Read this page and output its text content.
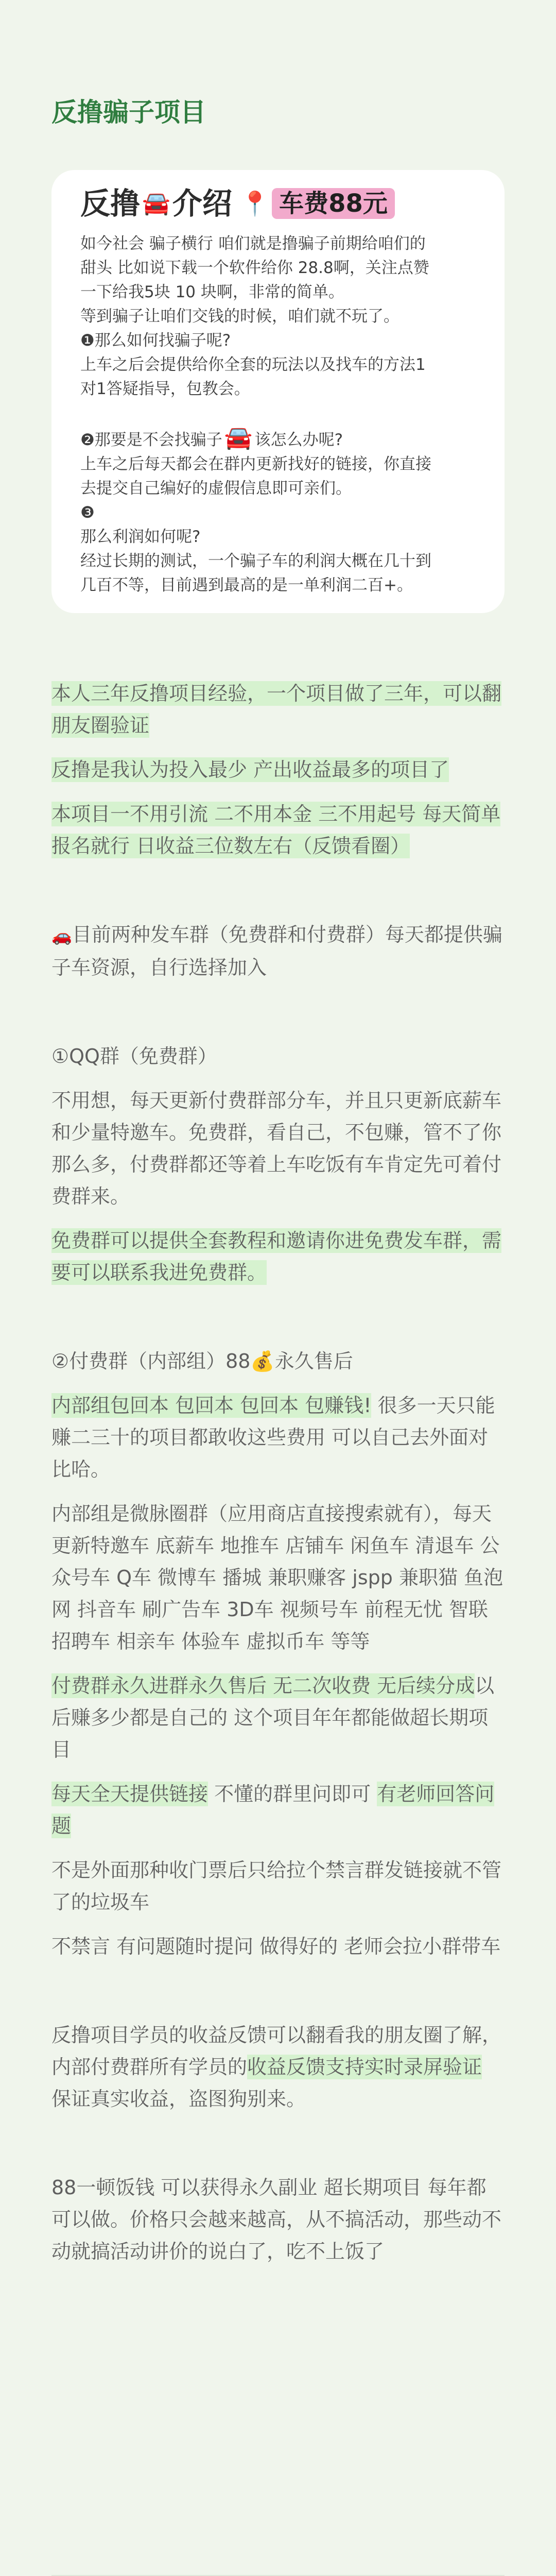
反撸骗子项目
反撸 🚘 介绍 📍 车费88元

如今社会 骗子横行 咱们就是撸骗子前期给咱们的

甜头 比如说下载一个软件给你 28.8啊，关注点赞

一下给我5块 10 块啊，非常的简单。

等到骗子让咱们交钱的时候，咱们就不玩了。

❶那么如何找骗子呢?

上车之后会提供给你全套的玩法以及找车的方法1

对1答疑指导，包教会。

❷那要是不会找骗子🚘 该怎么办呢?

上车之后每天都会在群内更新找好的链接，你直接

去提交自己编好的虚假信息即可亲们。

❸

那么利润如何呢?

经过长期的测试，一个骗子车的利润大概在几十到

几百不等，目前遇到最高的是一单利润二百+。

本人三年反撸项目经验，一个项目做了三年，可以翻朋友圈验证

反撸是我认为投入最少 产出收益最多的项目了

本项目一不用引流 二不用本金 三不用起号 每天简单报名就行 日收益三位数左右（反馈看圈）

🚗目前两种发车群（免费群和付费群）每天都提供骗子车资源，自行选择加入

①QQ群（免费群）

不用想，每天更新付费群部分车，并且只更新底薪车和少量特邀车。免费群，看自己，不包赚，管不了你那么多，付费群都还等着上车吃饭有车肯定先可着付费群来。

免费群可以提供全套教程和邀请你进免费发车群，需要可以联系我进免费群。

②付费群（内部组）88💰永久售后

内部组包回本 包回本 包回本 包赚钱! 很多一天只能赚二三十的项目都敢收这些费用 可以自己去外面对比哈。

内部组是微脉圈群（应用商店直接搜索就有），每天更新特邀车 底薪车 地推车 店铺车 闲鱼车 清退车 公众号车 Q车 微博车 播城 兼职赚客 jspp 兼职猫 鱼泡网 抖音车 刷广告车 3D车 视频号车 前程无忧 智联招聘车 相亲车 体验车 虚拟币车 等等

付费群永久进群永久售后 无二次收费 无后续分成以后赚多少都是自己的 这个项目年年都能做超长期项目

每天全天提供链接 不懂的群里问即可 有老师回答问题

不是外面那种收门票后只给拉个禁言群发链接就不管了的垃圾车

不禁言 有问题随时提问 做得好的 老师会拉小群带车

反撸项目学员的收益反馈可以翻看我的朋友圈了解，内部付费群所有学员的收益反馈支持实时录屏验证 保证真实收益，盗图狗别来。

88一顿饭钱 可以获得永久副业 超长期项目 每年都可以做。价格只会越来越高，从不搞活动，那些动不动就搞活动讲价的说白了，吃不上饭了
